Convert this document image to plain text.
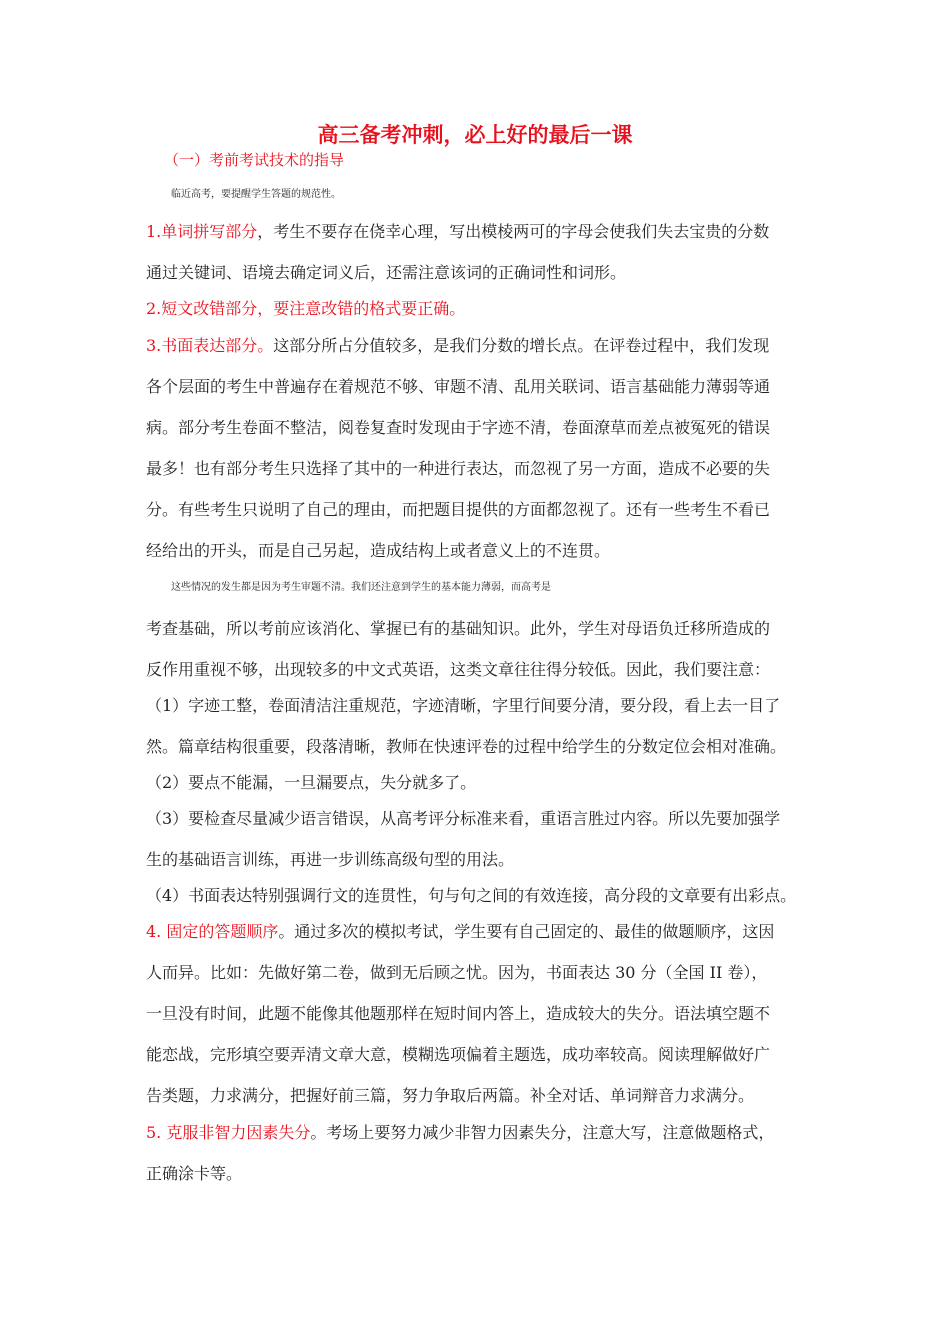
高三备考冲刺，必上好的最后一课
（一）考前考试技术的指导
临近高考，要提醒学生答题的规范性。
1.单词拼写部分，考生不要存在侥幸心理，写出模棱两可的字母会使我们失去宝贵的分数
通过关键词、语境去确定词义后，还需注意该词的正确词性和词形。
2.短文改错部分，要注意改错的格式要正确。
3.书面表达部分。这部分所占分值较多，是我们分数的增长点。在评卷过程中，我们发现
各个层面的考生中普遍存在着规范不够、审题不清、乱用关联词、语言基础能力薄弱等通
病。部分考生卷面不整洁，阅卷复查时发现由于字迹不清，卷面潦草而差点被冤死的错误
最多！也有部分考生只选择了其中的一种进行表达，而忽视了另一方面，造成不必要的失
分。有些考生只说明了自己的理由，而把题目提供的方面都忽视了。还有一些考生不看已
经给出的开头，而是自己另起，造成结构上或者意义上的不连贯。
这些情况的发生都是因为考生审题不清。我们还注意到学生的基本能力薄弱，而高考是
考查基础，所以考前应该消化、掌握已有的基础知识。此外，学生对母语负迁移所造成的
反作用重视不够，出现较多的中文式英语，这类文章往往得分较低。因此，我们要注意：
（1）字迹工整，卷面清洁注重规范，字迹清晰，字里行间要分清，要分段，看上去一目了
然。篇章结构很重要，段落清晰，教师在快速评卷的过程中给学生的分数定位会相对准确。
（2）要点不能漏，一旦漏要点，失分就多了。
（3）要检查尽量减少语言错误，从高考评分标准来看，重语言胜过内容。所以先要加强学
生的基础语言训练，再进一步训练高级句型的用法。
（4）书面表达特别强调行文的连贯性，句与句之间的有效连接，高分段的文章要有出彩点。
4. 固定的答题顺序。通过多次的模拟考试，学生要有自己固定的、最佳的做题顺序，这因
人而异。比如：先做好第二卷，做到无后顾之忧。因为，书面表达 30 分（全国 II 卷），
一旦没有时间，此题不能像其他题那样在短时间内答上，造成较大的失分。语法填空题不
能恋战，完形填空要弄清文章大意，模糊选项偏着主题选，成功率较高。阅读理解做好广
告类题，力求满分，把握好前三篇，努力争取后两篇。补全对话、单词辩音力求满分。
5. 克服非智力因素失分。考场上要努力减少非智力因素失分，注意大写，注意做题格式，
正确涂卡等。
